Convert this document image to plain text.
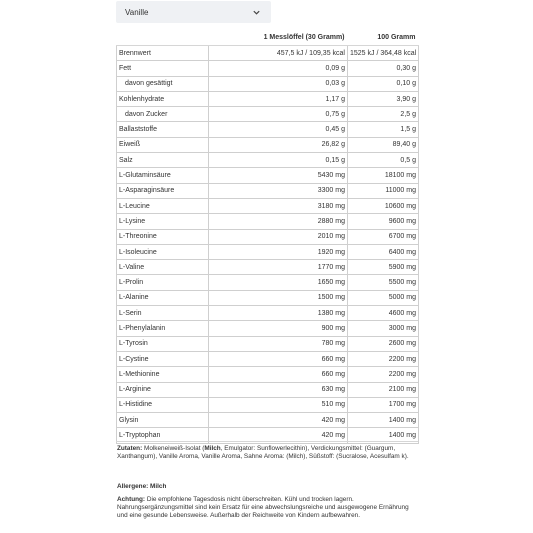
Vanille
	1 Messlöffel (30 Gramm)	100 Gramm
Brennwert	457,5 kJ / 109,35 kcal	1525 kJ / 364,48 kcal
Fett	0,09 g	0,30 g
davon gesättigt	0,03 g	0,10 g
Kohlenhydrate	1,17 g	3,90 g
davon Zucker	0,75 g	2,5 g
Ballaststoffe	0,45 g	1,5 g
Eiweiß	26,82 g	89,40 g
Salz	0,15 g	0,5 g
L-Glutaminsäure	5430 mg	18100 mg
L-Asparaginsäure	3300 mg	11000 mg
L-Leucine	3180 mg	10600 mg
L-Lysine	2880 mg	9600 mg
L-Threonine	2010 mg	6700 mg
L-Isoleucine	1920 mg	6400 mg
L-Valine	1770 mg	5900 mg
L-Prolin	1650 mg	5500 mg
L-Alanine	1500 mg	5000 mg
L-Serin	1380 mg	4600 mg
L-Phenylalanin	900 mg	3000 mg
L-Tyrosin	780 mg	2600 mg
L-Cystine	660 mg	2200 mg
L-Methionine	660 mg	2200 mg
L-Arginine	630 mg	2100 mg
L-Histidine	510 mg	1700 mg
Glysin	420 mg	1400 mg
L-Tryptophan	420 mg	1400 mg
Zutaten: Molkeneiweiß-Isolat (Milch, Emulgator: Sunflowerlecithin), Verdickungsmittel: (Guargum, Xanthangum), Vanille Aroma, Vanille Aroma, Sahne Aroma: (Milch), Süßstoff: (Sucralose, Acesulfam k).
Allergene: Milch
Achtung: Die empfohlene Tagesdosis nicht überschreiten. Kühl und trocken lagern. Nahrungsergänzungsmittel sind kein Ersatz für eine abwechslungsreiche und ausgewogene Ernährung und eine gesunde Lebensweise. Außerhalb der Reichweite von Kindern aufbewahren.
